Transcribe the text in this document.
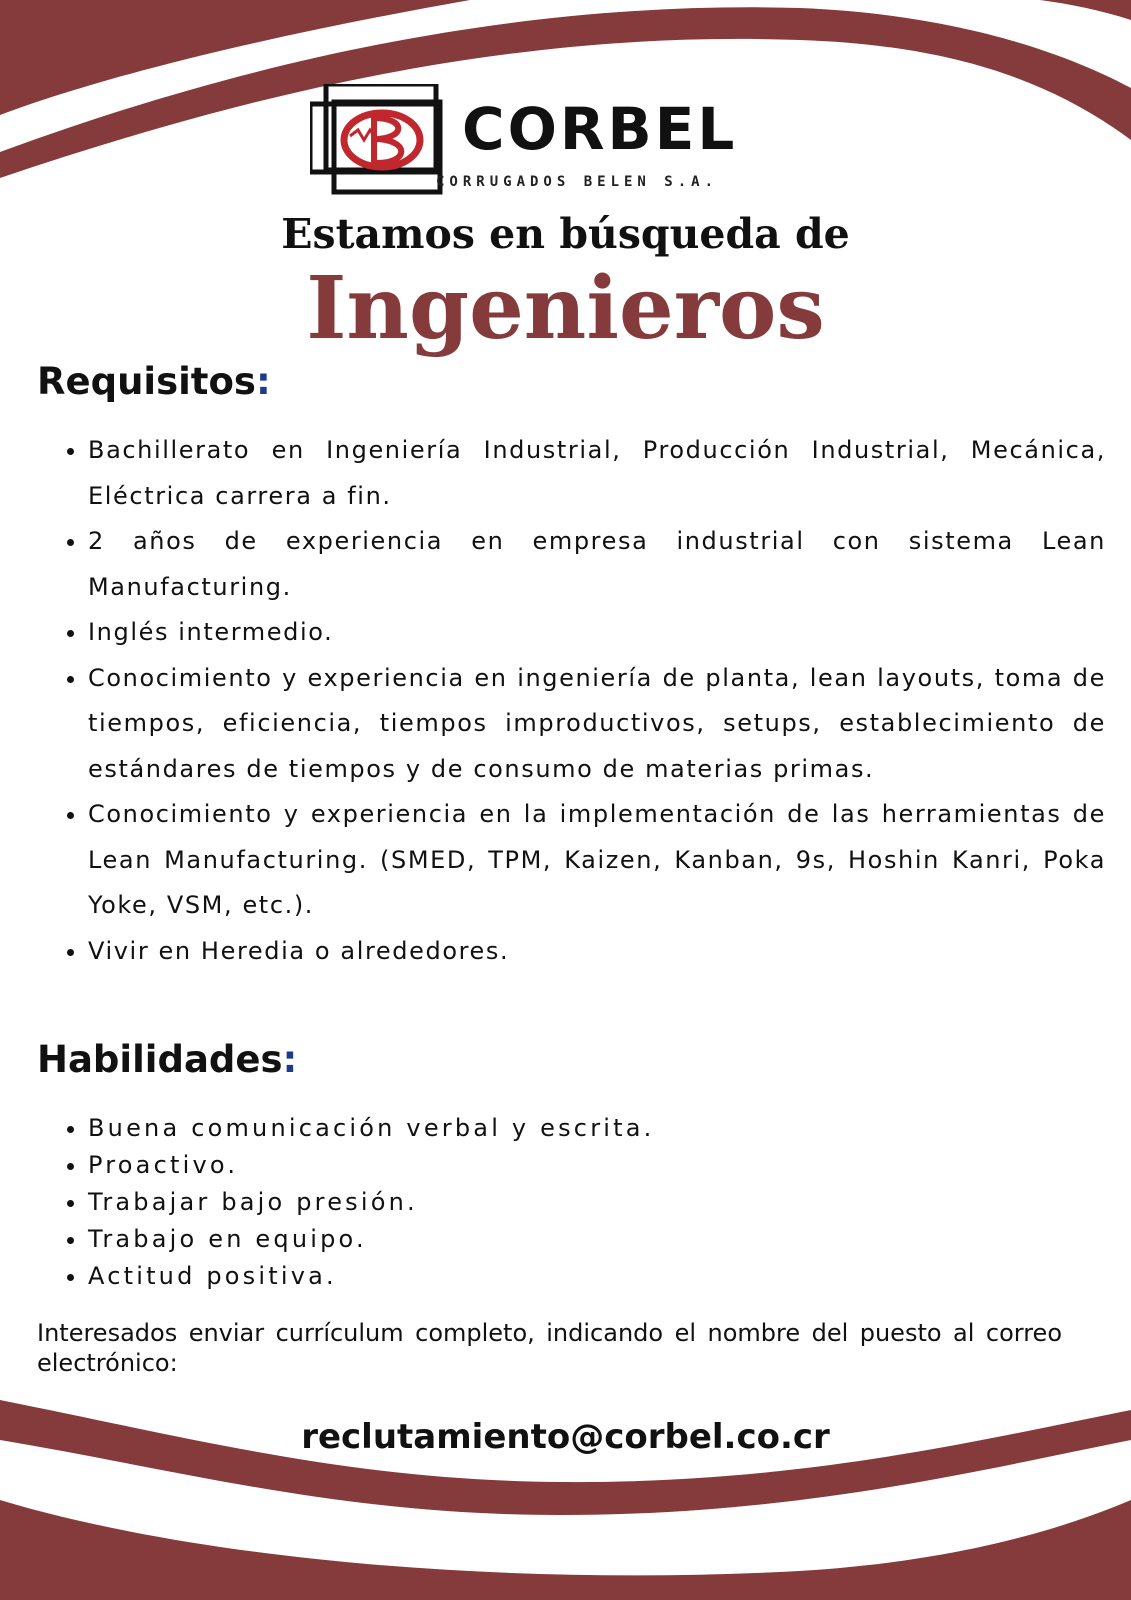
CORBEL
CORRUGADOS BELEN S.A.
Estamos en búsqueda de
Ingenieros
Requisitos:
• Bachillerato en Ingeniería Industrial, Producción Industrial, Mecánica, Eléctrica carrera a fin.
• 2 años de experiencia en empresa industrial con sistema Lean Manufacturing.
• Inglés intermedio.
• Conocimiento y experiencia en ingeniería de planta, lean layouts, toma de tiempos, eficiencia, tiempos improductivos, setups, establecimiento de estándares de tiempos y de consumo de materias primas.
• Conocimiento y experiencia en la implementación de las herramientas de Lean Manufacturing. (SMED, TPM, Kaizen, Kanban, 9s, Hoshin Kanri, Poka Yoke, VSM, etc.).
• Vivir en Heredia o alrededores.
Habilidades:
• Buena comunicación verbal y escrita.
• Proactivo.
• Trabajar bajo presión.
• Trabajo en equipo.
• Actitud positiva.

Interesados enviar currículum completo, indicando el nombre del puesto al correo electrónico:

reclutamiento@corbel.co.cr
